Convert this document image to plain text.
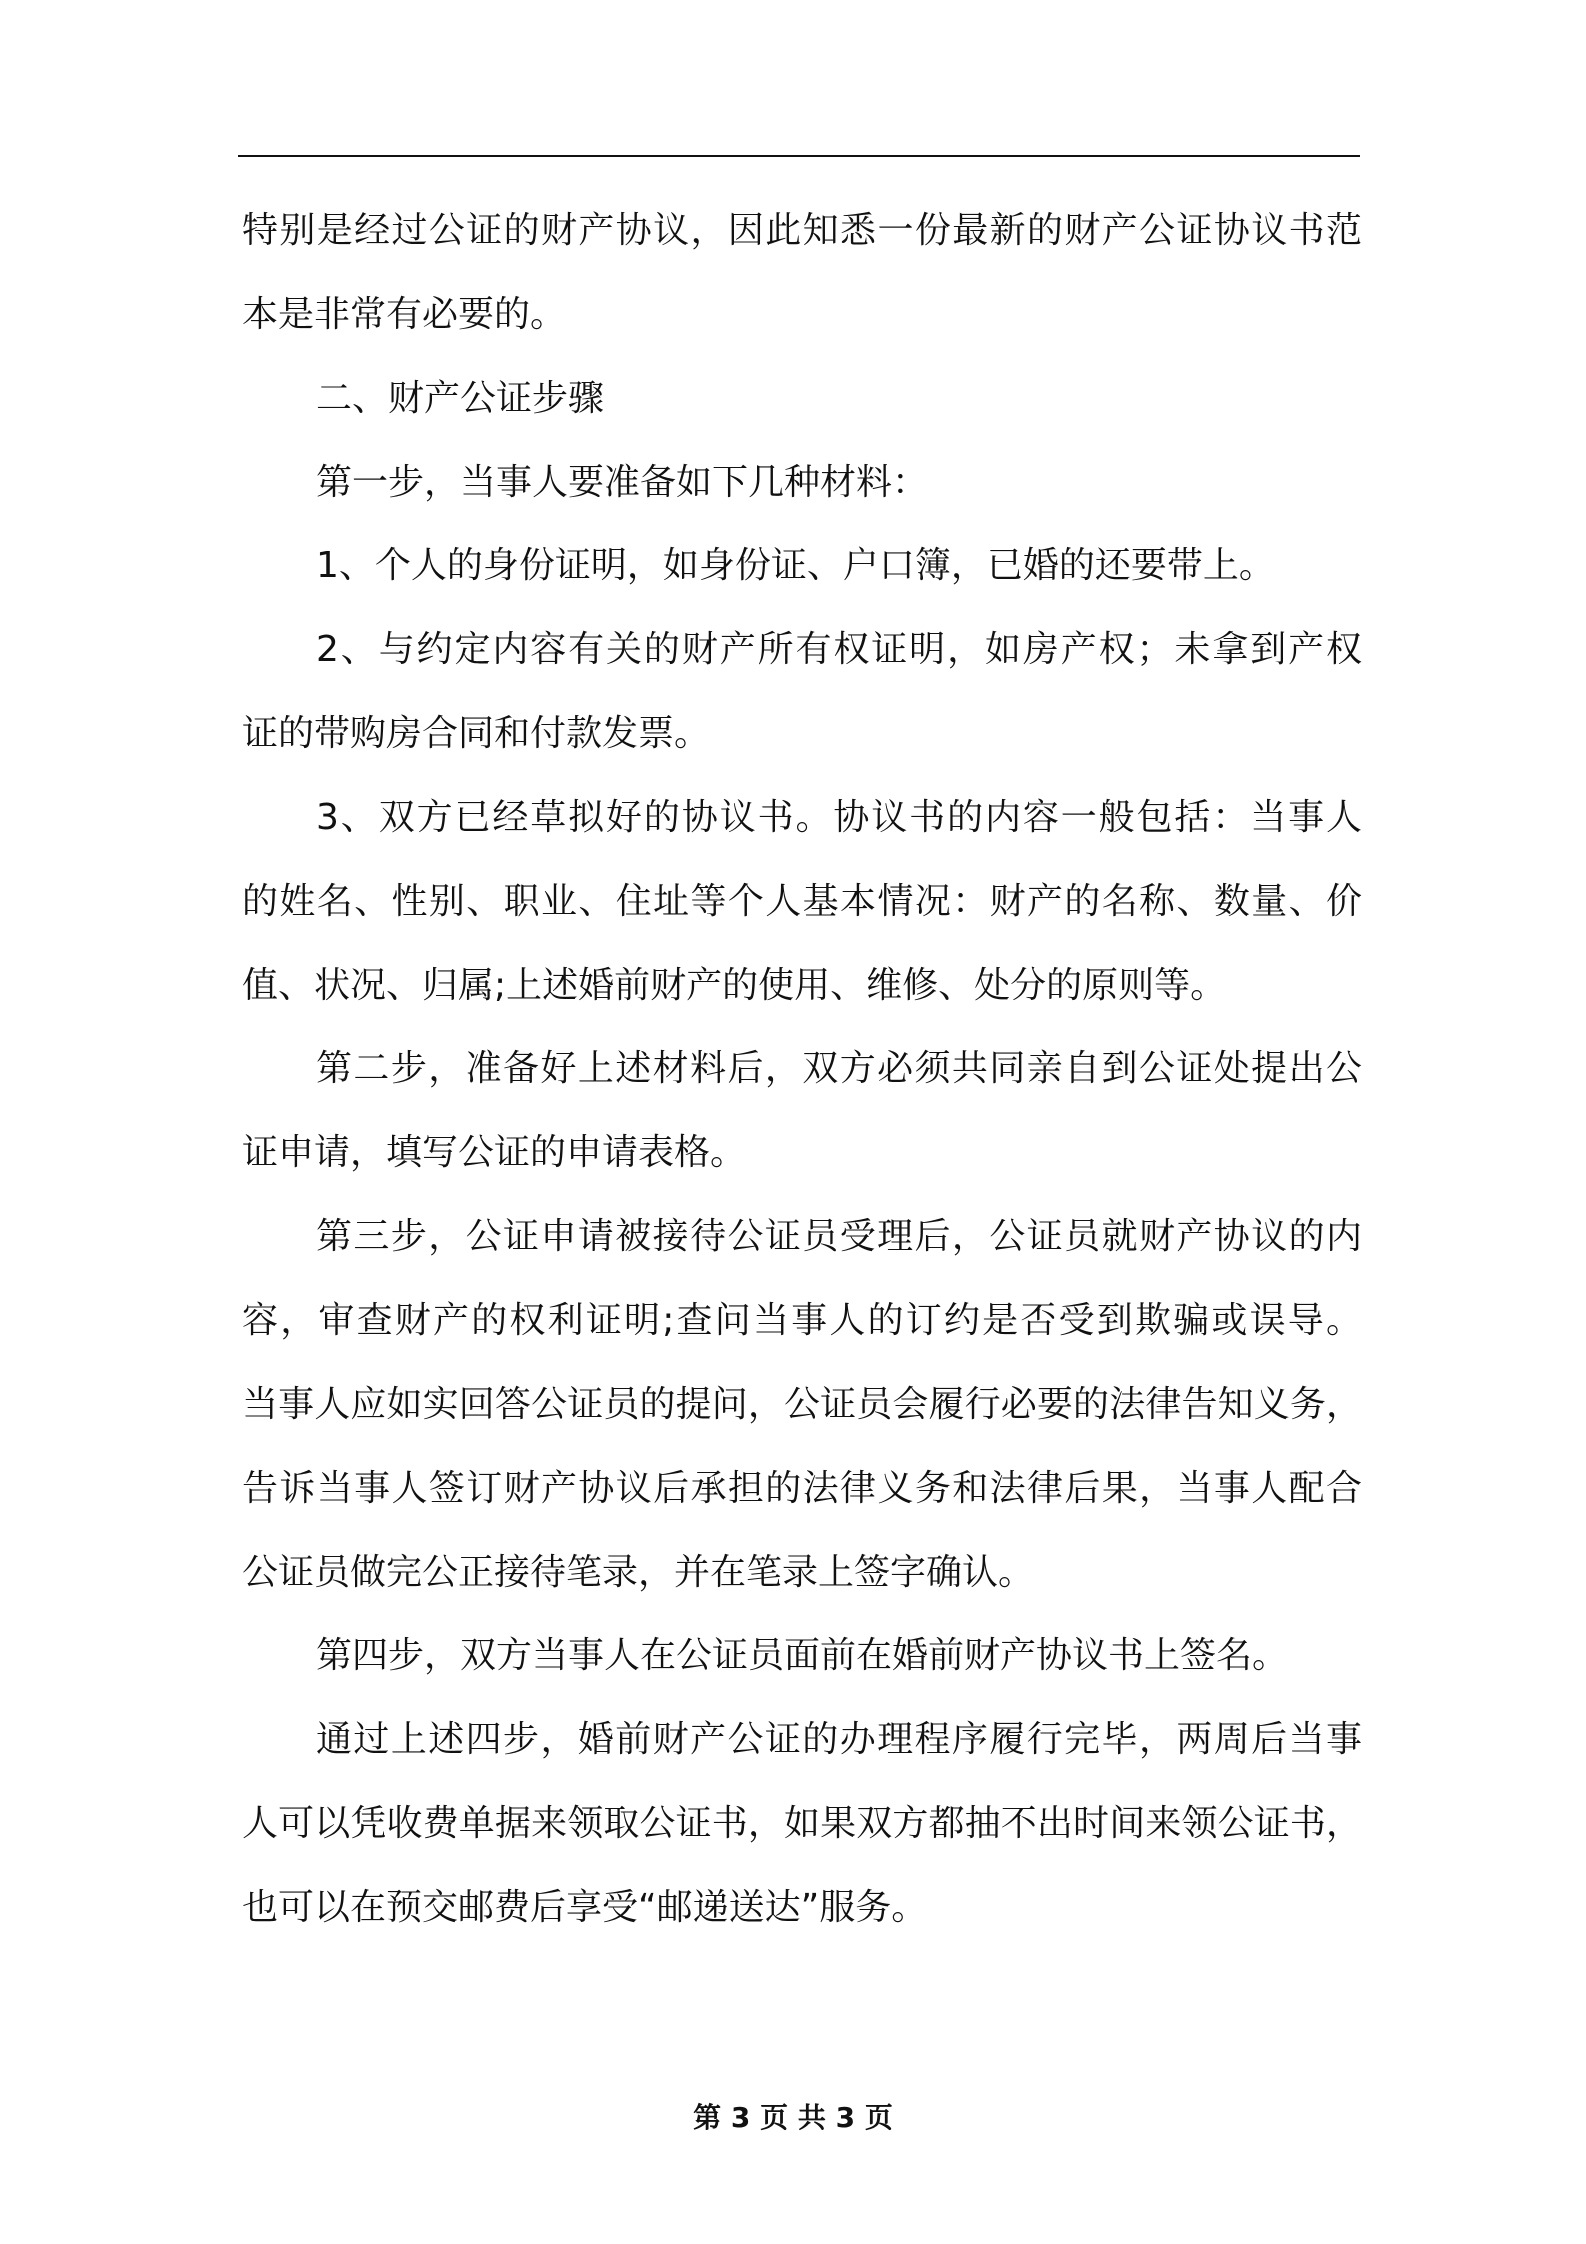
特别是经过公证的财产协议，因此知悉一份最新的财产公证协议书范
本是非常有必要的。
二、财产公证步骤
第一步，当事人要准备如下几种材料：
1、个人的身份证明，如身份证、户口簿，已婚的还要带上。
2、与约定内容有关的财产所有权证明，如房产权；未拿到产权
证的带购房合同和付款发票。
3、双方已经草拟好的协议书。协议书的内容一般包括：当事人
的姓名、性别、职业、住址等个人基本情况：财产的名称、数量、价
值、状况、归属;上述婚前财产的使用、维修、处分的原则等。
第二步，准备好上述材料后，双方必须共同亲自到公证处提出公
证申请，填写公证的申请表格。
第三步，公证申请被接待公证员受理后，公证员就财产协议的内
容，审查财产的权利证明;查问当事人的订约是否受到欺骗或误导。
当事人应如实回答公证员的提问，公证员会履行必要的法律告知义务，
告诉当事人签订财产协议后承担的法律义务和法律后果，当事人配合
公证员做完公正接待笔录，并在笔录上签字确认。
第四步，双方当事人在公证员面前在婚前财产协议书上签名。
通过上述四步，婚前财产公证的办理程序履行完毕，两周后当事
人可以凭收费单据来领取公证书，如果双方都抽不出时间来领公证书，
也可以在预交邮费后享受“邮递送达”服务。
第 3 页 共 3 页
